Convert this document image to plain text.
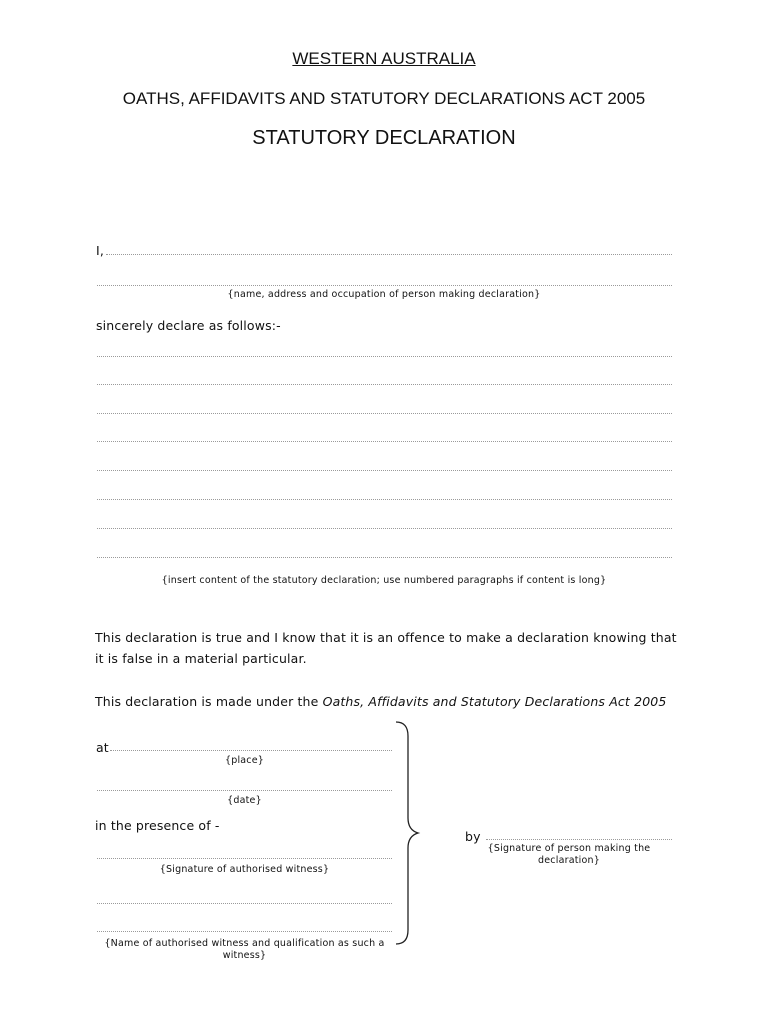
WESTERN AUSTRALIA
OATHS, AFFIDAVITS AND STATUTORY DECLARATIONS ACT 2005
STATUTORY DECLARATION
I,
{name, address and occupation of person making declaration}
sincerely declare as follows:-
{insert content of the statutory declaration; use numbered paragraphs if content is long}
This declaration is true and I know that it is an offence to make a declaration knowing that
it is false in a material particular.
This declaration is made under the Oaths, Affidavits and Statutory Declarations Act 2005
at
{place}
{date}
in the presence of -
{Signature of authorised witness}
{Name of authorised witness and qualification as such a
witness}
by
{Signature of person making the
declaration}
